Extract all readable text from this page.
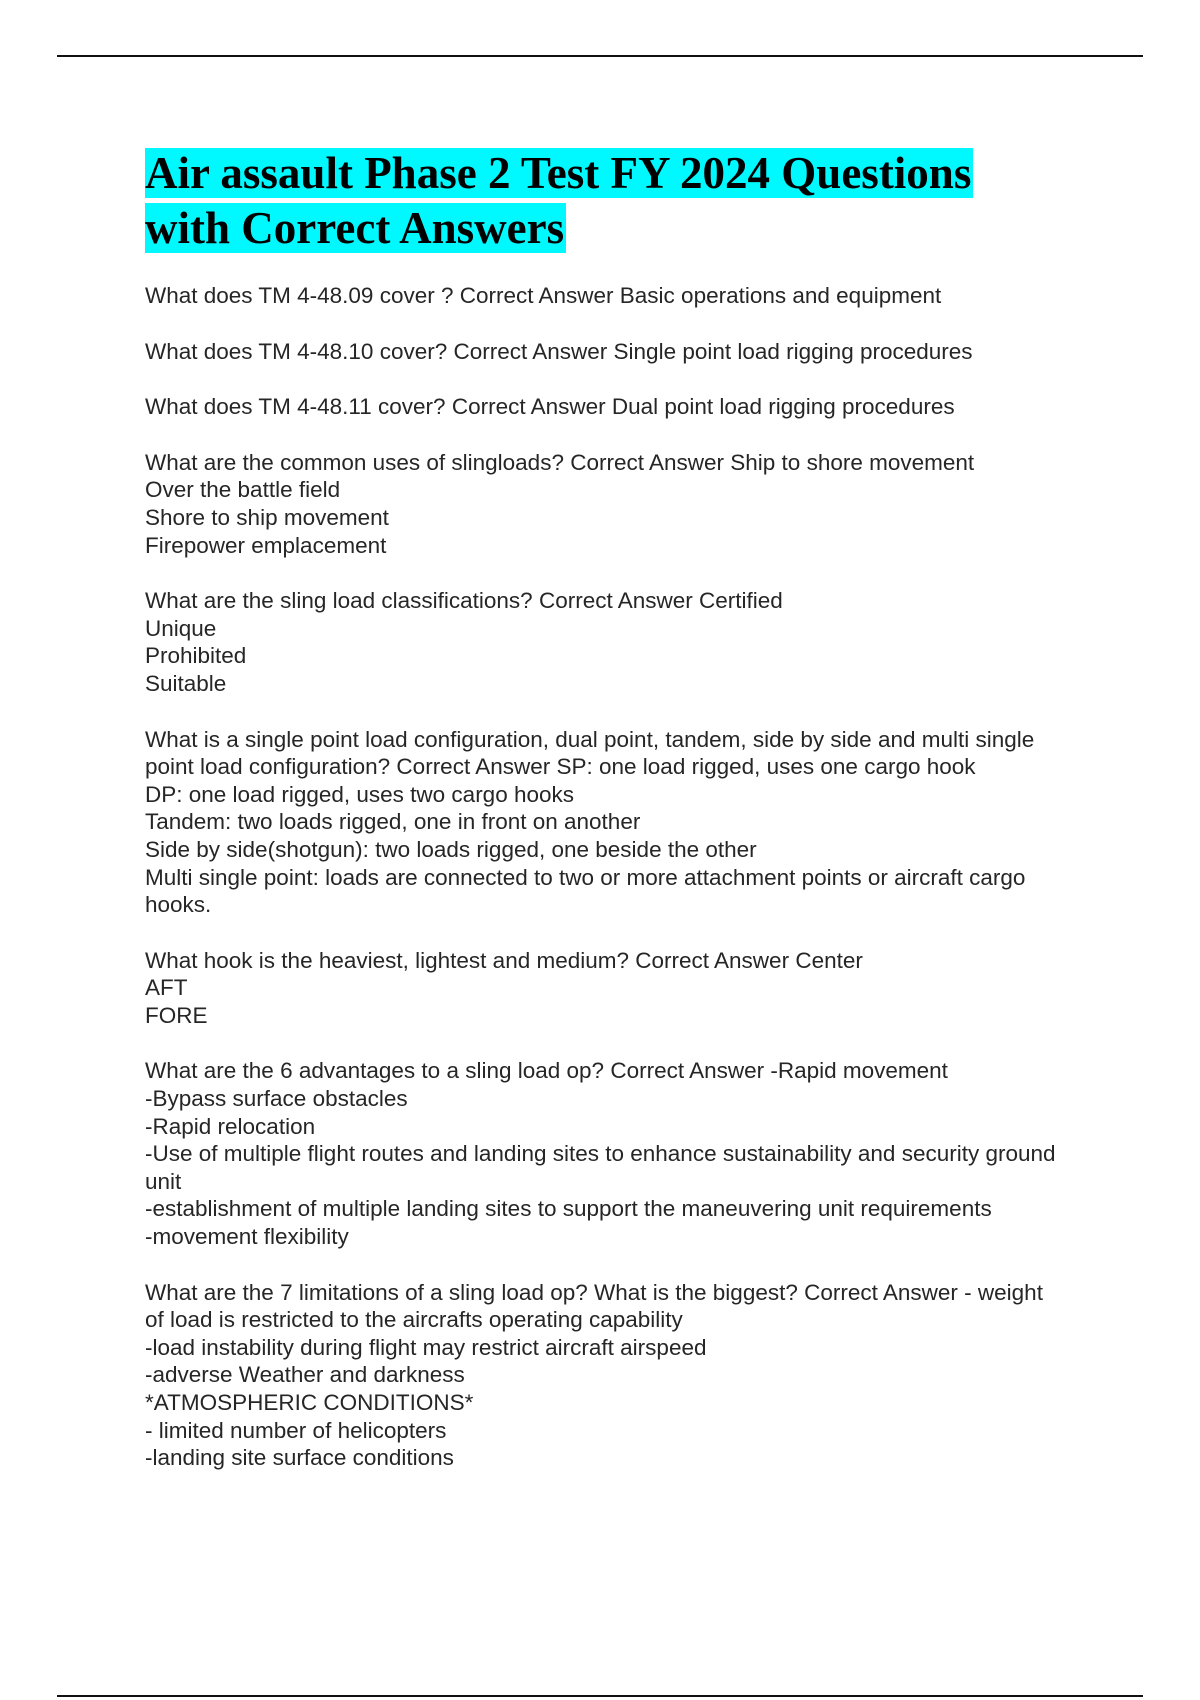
Air assault Phase 2 Test FY 2024 Questions with Correct Answers
What does TM 4-48.09 cover ? Correct Answer Basic operations and equipment
What does TM 4-48.10 cover? Correct Answer Single point load rigging procedures
What does TM 4-48.11 cover? Correct Answer Dual point load rigging procedures
What are the common uses of slingloads? Correct Answer Ship to shore movement
Over the battle field
Shore to ship movement
Firepower emplacement
What are the sling load classifications? Correct Answer Certified
Unique
Prohibited
Suitable
What is a single point load configuration, dual point, tandem, side by side and multi single point load configuration? Correct Answer SP: one load rigged, uses one cargo hook
DP: one load rigged, uses two cargo hooks
Tandem: two loads rigged, one in front on another
Side by side(shotgun): two loads rigged, one beside the other
Multi single point: loads are connected to two or more attachment points or aircraft cargo hooks.
What hook is the heaviest, lightest and medium? Correct Answer Center
AFT
FORE
What are the 6 advantages to a sling load op? Correct Answer -Rapid movement
-Bypass surface obstacles
-Rapid relocation
-Use of multiple flight routes and landing sites to enhance sustainability and security ground unit
-establishment of multiple landing sites to support the maneuvering unit requirements
-movement flexibility
What are the 7 limitations of a sling load op? What is the biggest? Correct Answer - weight of load is restricted to the aircrafts operating capability
-load instability during flight may restrict aircraft airspeed
-adverse Weather and darkness
*ATMOSPHERIC CONDITIONS*
- limited number of helicopters
-landing site surface conditions
